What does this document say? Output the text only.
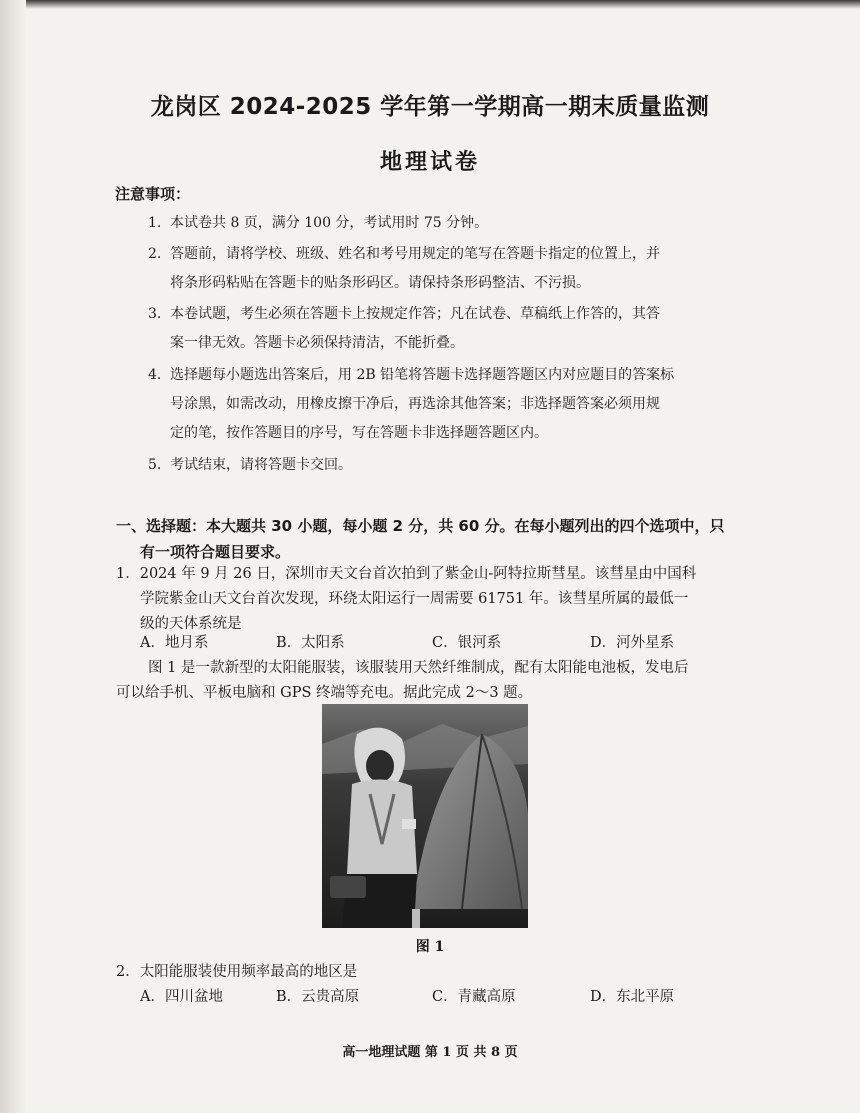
龙岗区 2024-2025 学年第一学期高一期末质量监测
地理试卷
注意事项：
1. 本试卷共 8 页，满分 100 分，考试用时 75 分钟。
2. 答题前，请将学校、班级、姓名和考号用规定的笔写在答题卡指定的位置上，并
将条形码粘贴在答题卡的贴条形码区。请保持条形码整洁、不污损。
3. 本卷试题，考生必须在答题卡上按规定作答；凡在试卷、草稿纸上作答的，其答
案一律无效。答题卡必须保持清洁，不能折叠。
4. 选择题每小题选出答案后，用 2B 铅笔将答题卡选择题答题区内对应题目的答案标
号涂黑，如需改动，用橡皮擦干净后，再选涂其他答案；非选择题答案必须用规
定的笔，按作答题目的序号，写在答题卡非选择题答题区内。
5. 考试结束，请将答题卡交回。
一、选择题：本大题共 30 小题，每小题 2 分，共 60 分。在每小题列出的四个选项中，只
有一项符合题目要求。
1．2024 年 9 月 26 日，深圳市天文台首次拍到了紫金山-阿特拉斯彗星。该彗星由中国科
学院紫金山天文台首次发现，环绕太阳运行一周需要 61751 年。该彗星所属的最低一
级的天体系统是
A．地月系	B．太阳系	C．银河系	D．河外星系
图 1 是一款新型的太阳能服装，该服装用天然纤维制成，配有太阳能电池板，发电后
可以给手机、平板电脑和 GPS 终端等充电。据此完成 2～3 题。
图 1
2．太阳能服装使用频率最高的地区是
A．四川盆地	B．云贵高原	C．青藏高原	D．东北平原
高一地理试题 第 1 页 共 8 页
